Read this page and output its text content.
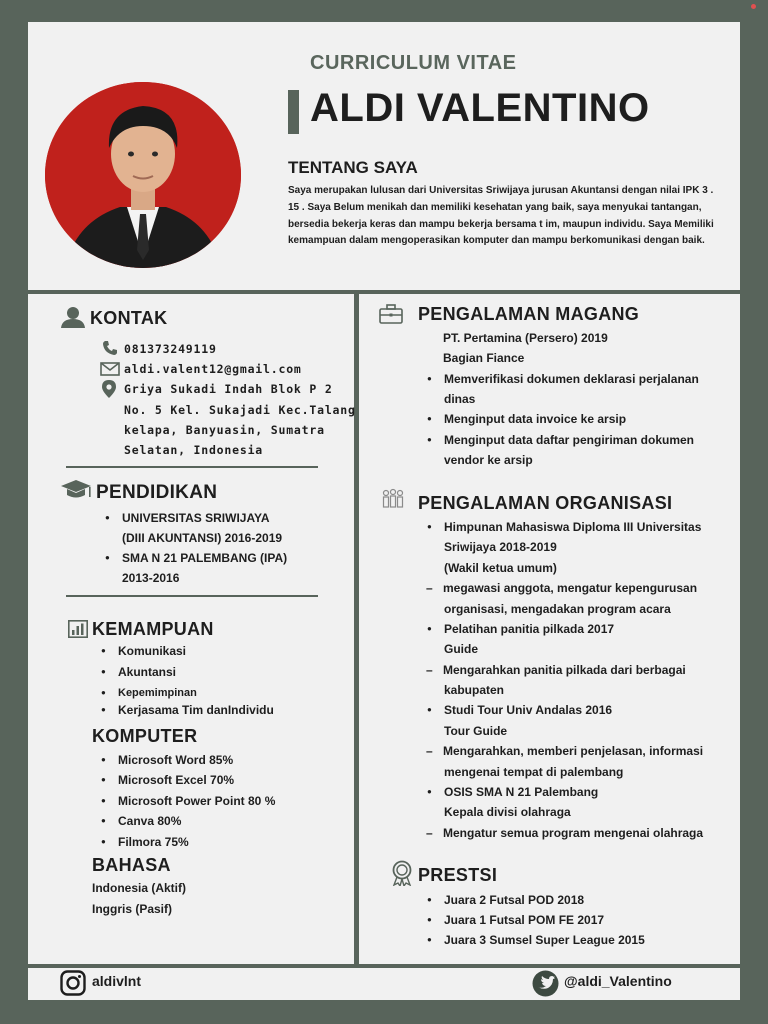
CURRICULUM VITAE
ALDI VALENTINO
TENTANG SAYA
Saya merupakan lulusan dari Universitas Sriwijaya jurusan Akuntansi dengan nilai IPK 3 . 15 . Saya Belum menikah dan memiliki kesehatan yang baik, saya menyukai tantangan, bersedia bekerja keras dan mampu bekerja bersama t im, maupun individu. Saya Memiliki kemampuan dalam mengoperasikan komputer dan mampu berkomunikasi dengan baik.
KONTAK
081373249119
aldi.valent12@gmail.com
Griya Sukadi Indah Blok P 2
No. 5 Kel. Sukajadi Kec.Talang
kelapa, Banyuasin, Sumatra
Selatan, Indonesia
PENDIDIKAN
● UNIVERSITAS SRIWIJAYA
(DIII AKUNTANSI) 2016-2019
● SMA N 21 PALEMBANG (IPA)
2013-2016
KEMAMPUAN
● Komunikasi
● Akuntansi
● Kepemimpinan
● Kerjasama Tim danIndividu
KOMPUTER
● Microsoft Word 85%
● Microsoft Excel 70%
● Microsoft Power Point 80 %
● Canva 80%
● Filmora 75%
BAHASA
Indonesia (Aktif)
Inggris (Pasif)
PENGALAMAN MAGANG
PT. Pertamina (Persero) 2019
Bagian Fiance
● Memverifikasi dokumen deklarasi perjalanan
dinas
● Menginput data invoice ke arsip
● Menginput data daftar pengiriman dokumen
vendor ke arsip
PENGALAMAN ORGANISASI
● Himpunan Mahasiswa Diploma III Universitas
Sriwijaya 2018-2019
(Wakil ketua umum)
– megawasi anggota, mengatur kepengurusan
organisasi, mengadakan program acara
● Pelatihan panitia pilkada 2017
Guide
– Mengarahkan panitia pilkada dari berbagai
kabupaten
● Studi Tour Univ Andalas 2016
Tour Guide
– Mengarahkan, memberi penjelasan, informasi
mengenai tempat di palembang
● OSIS SMA N 21 Palembang
Kepala divisi olahraga
– Mengatur semua program mengenai olahraga
PRESTSI
● Juara 2 Futsal POD 2018
● Juara 1 Futsal POM FE 2017
● Juara 3 Sumsel Super League 2015
aldivlnt	@aldi_Valentino
